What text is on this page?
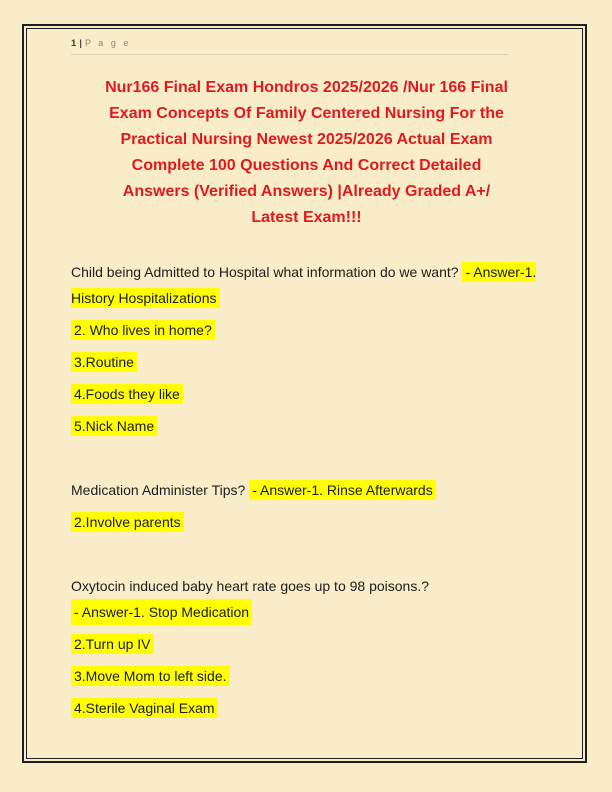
1 | P a g e
Nur166 Final Exam Hondros 2025/2026 /Nur 166 Final
Exam Concepts Of Family Centered Nursing For the
Practical Nursing Newest 2025/2026 Actual Exam
Complete 100 Questions And Correct Detailed
Answers (Verified Answers) |Already Graded A+/
Latest Exam!!!

Child being Admitted to Hospital what information do we want? - Answer-1. History Hospitalizations

2. Who lives in home?

3.Routine

4.Foods they like

5.Nick Name

Medication Administer Tips? - Answer-1. Rinse Afterwards

2.Involve parents

Oxytocin induced baby heart rate goes up to 98 poisons.?
- Answer-1. Stop Medication

2.Turn up IV

3.Move Mom to left side.

4.Sterile Vaginal Exam
